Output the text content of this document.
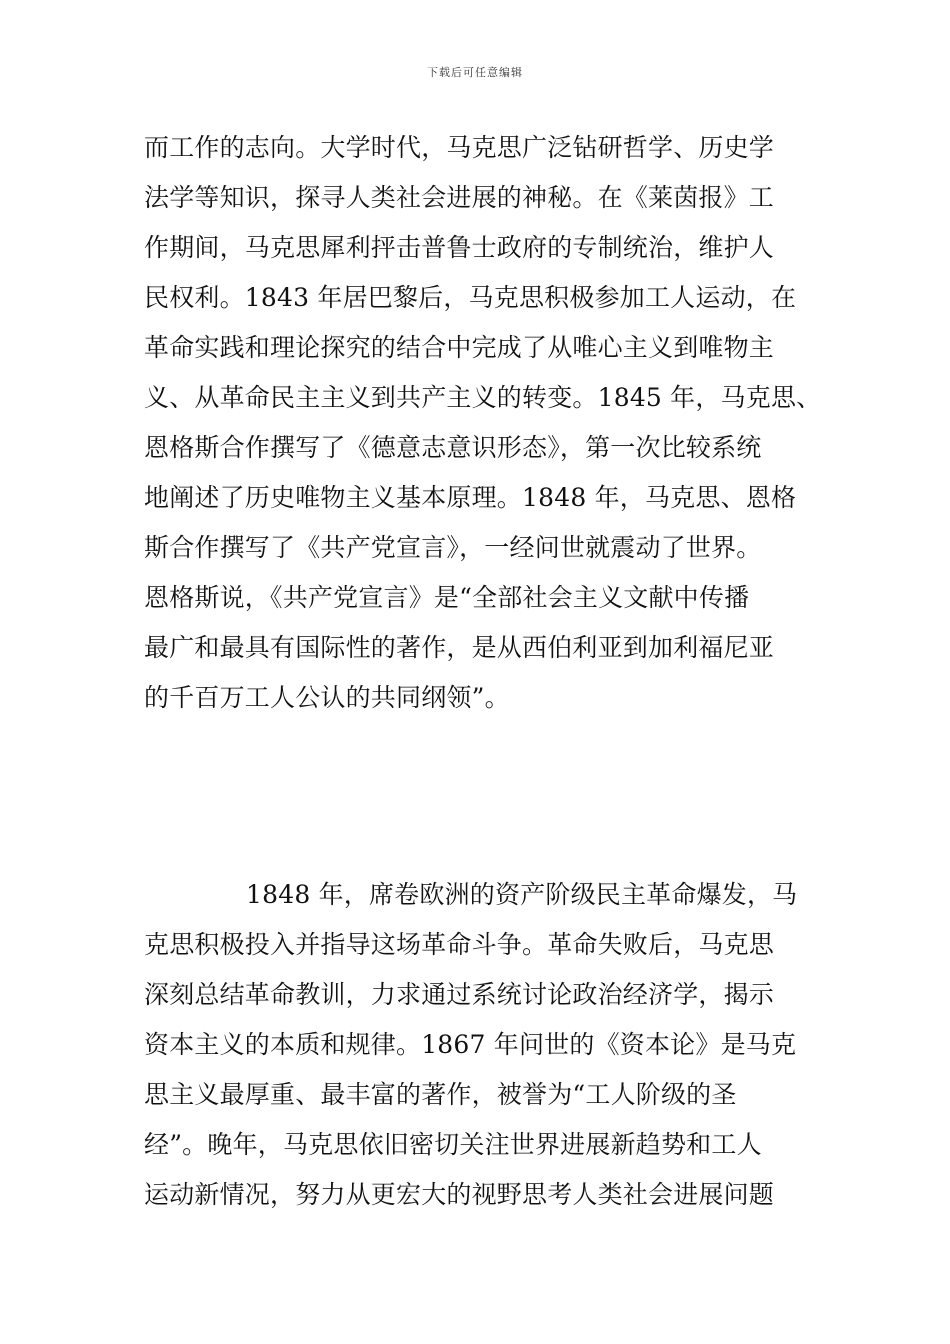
下载后可任意编辑

而工作的志向。大学时代，马克思广泛钻研哲学、历史学

法学等知识，探寻人类社会进展的神秘。在《莱茵报》工

作期间，马克思犀利抨击普鲁士政府的专制统治，维护人

民权利。1843 年居巴黎后，马克思积极参加工人运动，在

革命实践和理论探究的结合中完成了从唯心主义到唯物主

义、从革命民主主义到共产主义的转变。1845 年，马克思、

恩格斯合作撰写了《德意志意识形态》，第一次比较系统

地阐述了历史唯物主义基本原理。1848 年，马克思、恩格

斯合作撰写了《共产党宣言》，一经问世就震动了世界。

恩格斯说，《共产党宣言》是“全部社会主义文献中传播

最广和最具有国际性的著作，是从西伯利亚到加利福尼亚

的千百万工人公认的共同纲领”。

1848 年，席卷欧洲的资产阶级民主革命爆发，马

克思积极投入并指导这场革命斗争。革命失败后，马克思

深刻总结革命教训，力求通过系统讨论政治经济学，揭示

资本主义的本质和规律。1867 年问世的《资本论》是马克

思主义最厚重、最丰富的著作，被誉为“工人阶级的圣

经”。晚年，马克思依旧密切关注世界进展新趋势和工人

运动新情况，努力从更宏大的视野思考人类社会进展问题
